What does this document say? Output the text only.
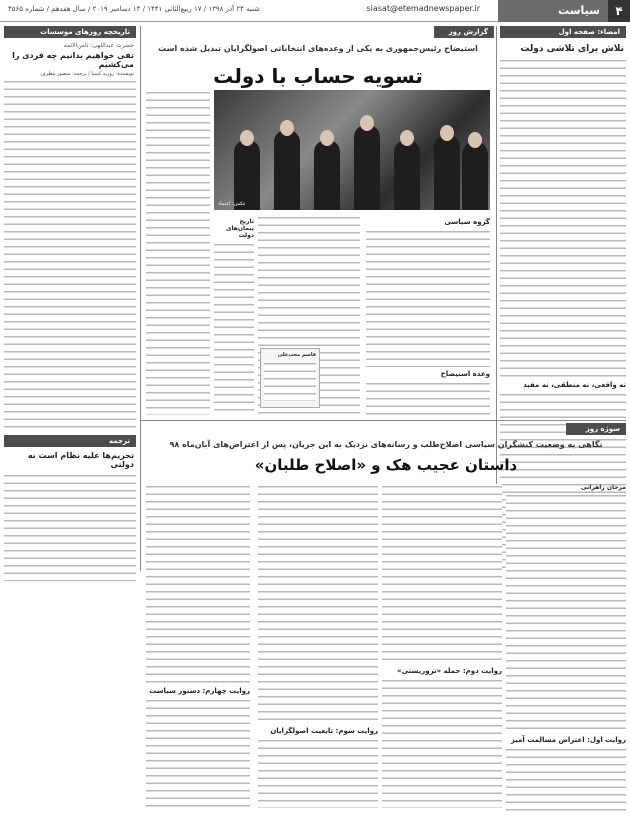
۴
سیاست
siasat@etemadnewspaper.ir
شنبه ۲۴ آذر ۱۳۹۸ / ۱۷ ربیع‌الثانی ۱۴۴۱ / ۱۴ دسامبر ۲۰۱۹ / سال هفدهم / شماره ۴۵۶۵
امضاء: صفحه اول
تلاش برای تلاشی دولت
نه واقعی، نه منطقی، نه مفید
گزارش روز
استیضاح رئیس‌جمهوری به یکی از وعده‌های انتخاباتی اصولگرایان تبدیل شده است
تسویه حساب با دولت
عکس: اعتماد
گروه سیاسی
وعده استیضاح
تاریخ پیمان‌های دولت
قاسم محب‌علی
تاریخچه روزهای موسسات
حضرت عبداللهی: ثامن‌الائمه
تفی خواهیم بدانیم چه فردی را می‌کشیم
نویسنده: روزبه کیمیا / ترجمه: منصور بیطرف
ترجمه
تحریم‌ها علیه نظام است نه دولتی
سوژه روز
نگاهی به وضعیت کنشگران سیاسی اصلاح‌طلب و رسانه‌های نزدیک به این جریان، پس از اعتراض‌های آبان‌ماه ۹۸
داستان عجیب هک و «اصلاح طلبان»
مرجان زاهرانی
روایت اول: اعتراض مسالمت آمیز
روایت دوم: حمله «تروریستی»
روایت سوم: تابعیت اصولگرایان
روایت چهارم: دستور سیاست
